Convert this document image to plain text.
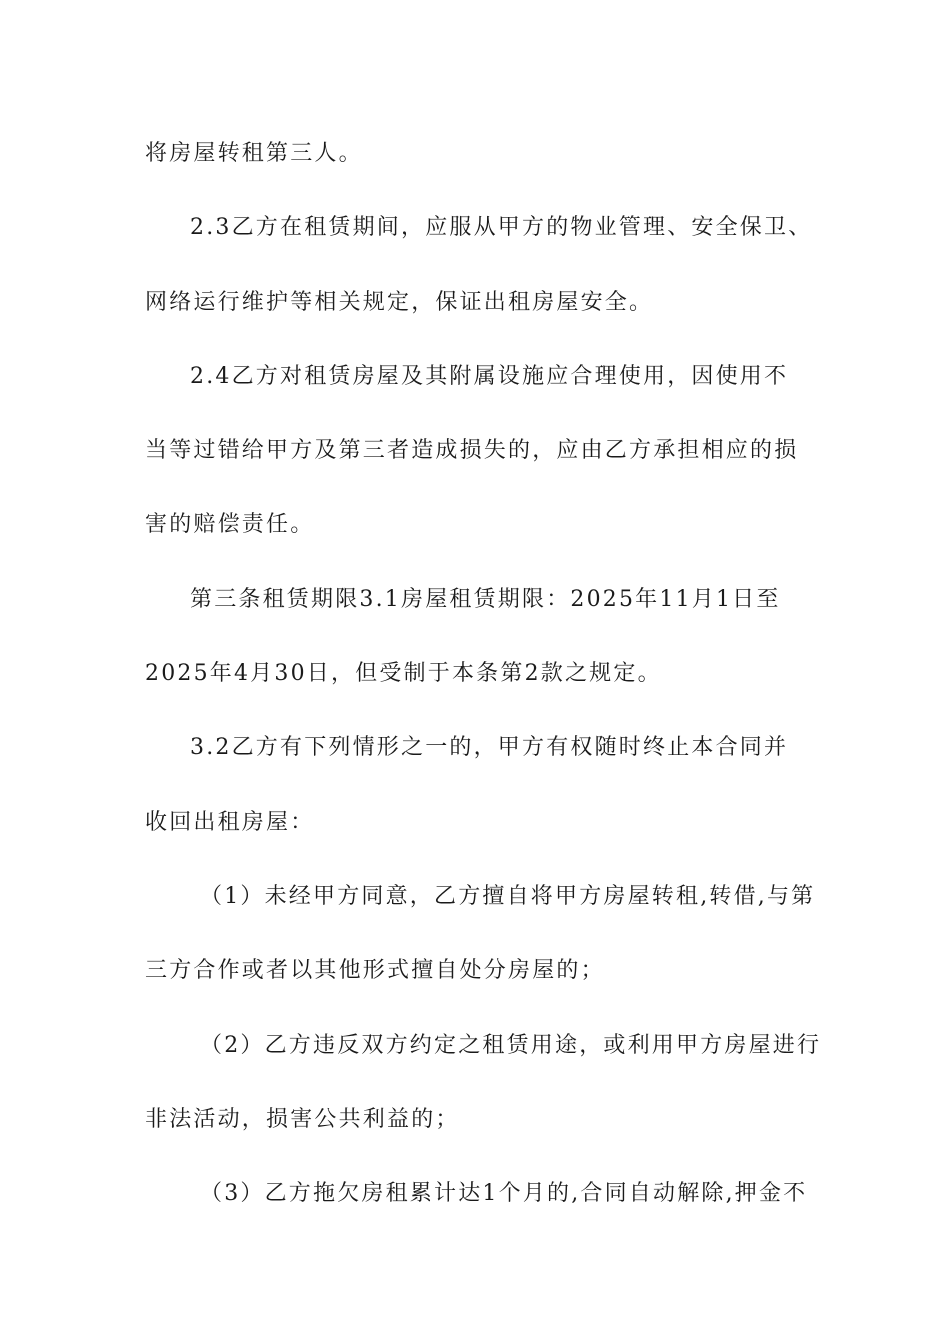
将房屋转租第三人。
2.3乙方在租赁期间，应服从甲方的物业管理、安全保卫、
网络运行维护等相关规定，保证出租房屋安全。
2.4乙方对租赁房屋及其附属设施应合理使用，因使用不
当等过错给甲方及第三者造成损失的，应由乙方承担相应的损
害的赔偿责任。
第三条租赁期限3.1房屋租赁期限：2025年11月1日至
2025年4月30日，但受制于本条第2款之规定。
3.2乙方有下列情形之一的，甲方有权随时终止本合同并
收回出租房屋：
（1）未经甲方同意，乙方擅自将甲方房屋转租,转借,与第
三方合作或者以其他形式擅自处分房屋的；
（2）乙方违反双方约定之租赁用途，或利用甲方房屋进行
非法活动，损害公共利益的；
（3）乙方拖欠房租累计达1个月的,合同自动解除,押金不
